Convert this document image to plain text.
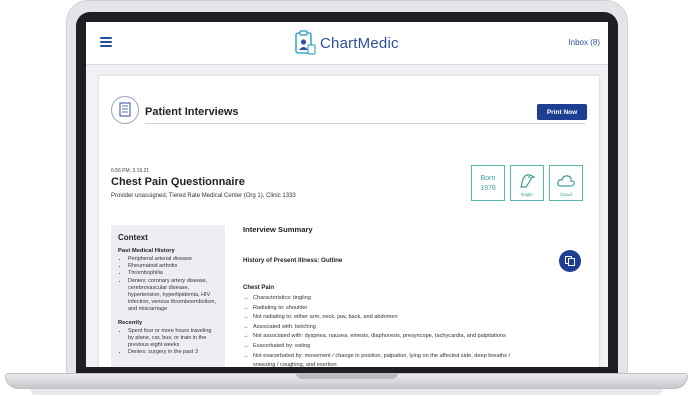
ChartMedic	Inbox (8)
Patient Interviews	Print Now
6:56 PM, 3.19.21
Chest Pain Questionnaire
Provider unassigned, Tiered Rate Medical Center (Org 1), Clinic 1333
Born
1978
Eagle	Cloud
Context
Past Medical History
• Peripheral arterial disease
• Rheumatoid arthritis
• Thrombophilia
• Denies: coronary artery disease, cerebrovascular disease, hypertension, hyperlipidemia, HIV infection, venous thromboembolism, and miscarriage
Recently
• Spent four or more hours traveling by plane, car, bus, or train in the previous eight weeks
• Denies: surgery in the past 3
Interview Summary
History of Present Illness: Outline
Chest Pain
→ Characteristics: tingling
→ Radiating to: shoulder
→ Not radiating to: either arm, neck, jaw, back, and abdomen
→ Associated with: belching
→ Not associated with: dyspnea, nausea, emesis, diaphoresis, presyncope, tachycardia, and palpitations
→ Exacerbated by: eating
→ Not exacerbated by: movement / change in position, palpation, lying on the affected side, deep breaths /
sneezing / coughing, and exertion
